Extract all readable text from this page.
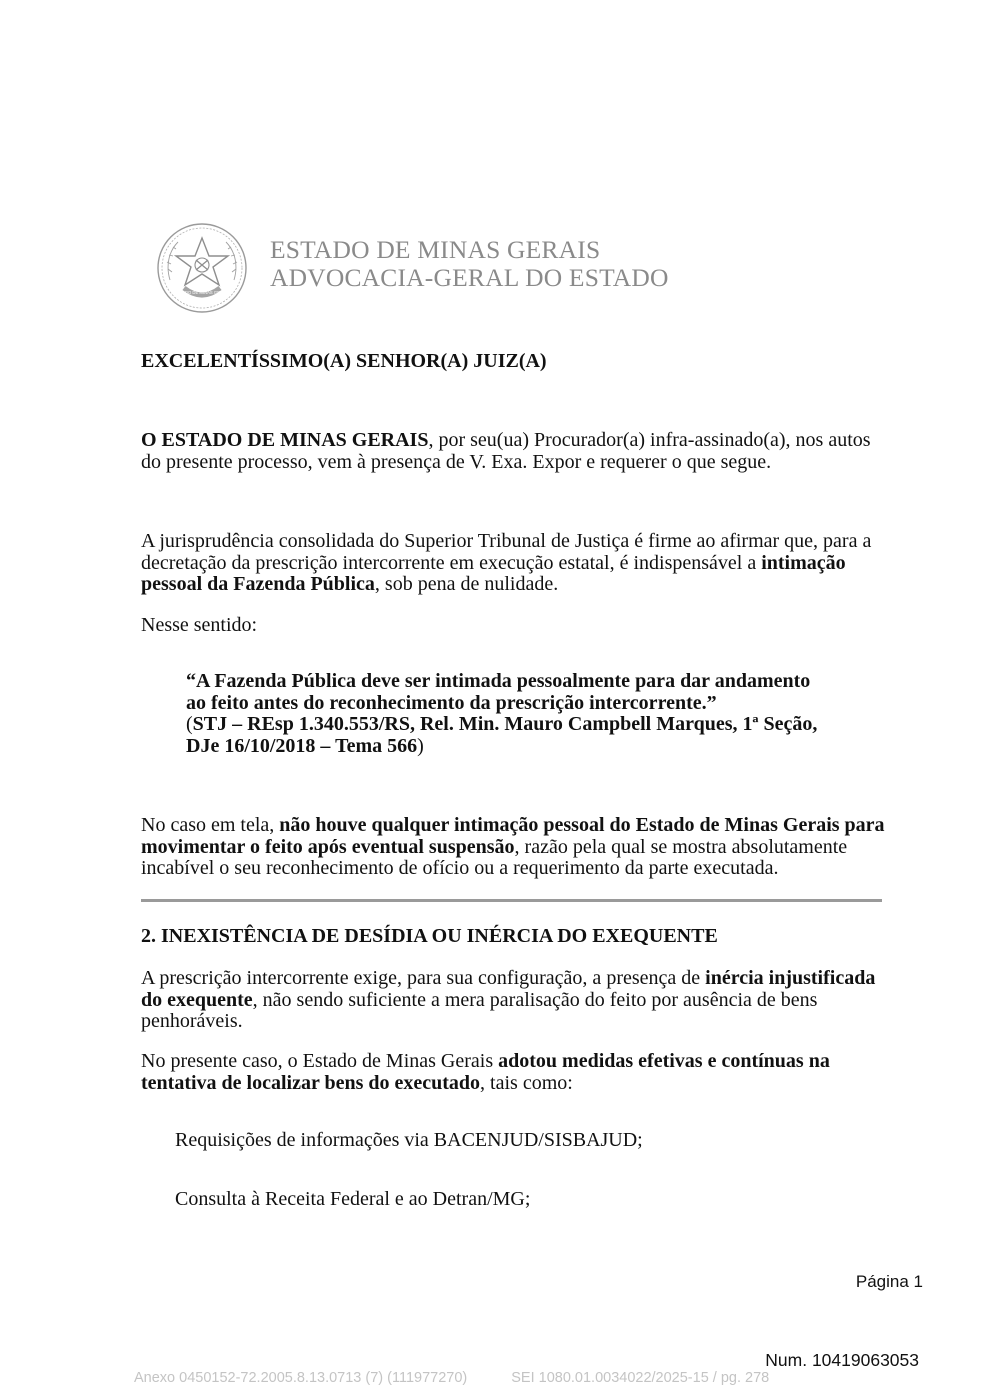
ESTADO DE MINAS GERAIS
ESTADO DE MINAS GERAIS
ADVOCACIA-GERAL DO ESTADO
EXCELENTÍSSIMO(A) SENHOR(A) JUIZ(A)
O ESTADO DE MINAS GERAIS, por seu(ua) Procurador(a) infra-assinado(a), nos autos do presente processo, vem à presença de V. Exa. Expor e requerer o que segue.
A jurisprudência consolidada do Superior Tribunal de Justiça é firme ao afirmar que, para a decretação da prescrição intercorrente em execução estatal, é indispensável a intimação pessoal da Fazenda Pública, sob pena de nulidade.
Nesse sentido:
“A Fazenda Pública deve ser intimada pessoalmente para dar andamento ao feito antes do reconhecimento da prescrição intercorrente.”
(STJ – REsp 1.340.553/RS, Rel. Min. Mauro Campbell Marques, 1ª Seção, DJe 16/10/2018 – Tema 566)
No caso em tela, não houve qualquer intimação pessoal do Estado de Minas Gerais para movimentar o feito após eventual suspensão, razão pela qual se mostra absolutamente incabível o seu reconhecimento de ofício ou a requerimento da parte executada.
2. INEXISTÊNCIA DE DESÍDIA OU INÉRCIA DO EXEQUENTE
A prescrição intercorrente exige, para sua configuração, a presença de inércia injustificada do exequente, não sendo suficiente a mera paralisação do feito por ausência de bens penhoráveis.
No presente caso, o Estado de Minas Gerais adotou medidas efetivas e contínuas na tentativa de localizar bens do executado, tais como:
Requisições de informações via BACENJUD/SISBAJUD;
Consulta à Receita Federal e ao Detran/MG;
Página 1
Num. 10419063053
Anexo 0450152-72.2005.8.13.0713 (7) (111977270)	SEI 1080.01.0034022/2025-15 / pg. 278
